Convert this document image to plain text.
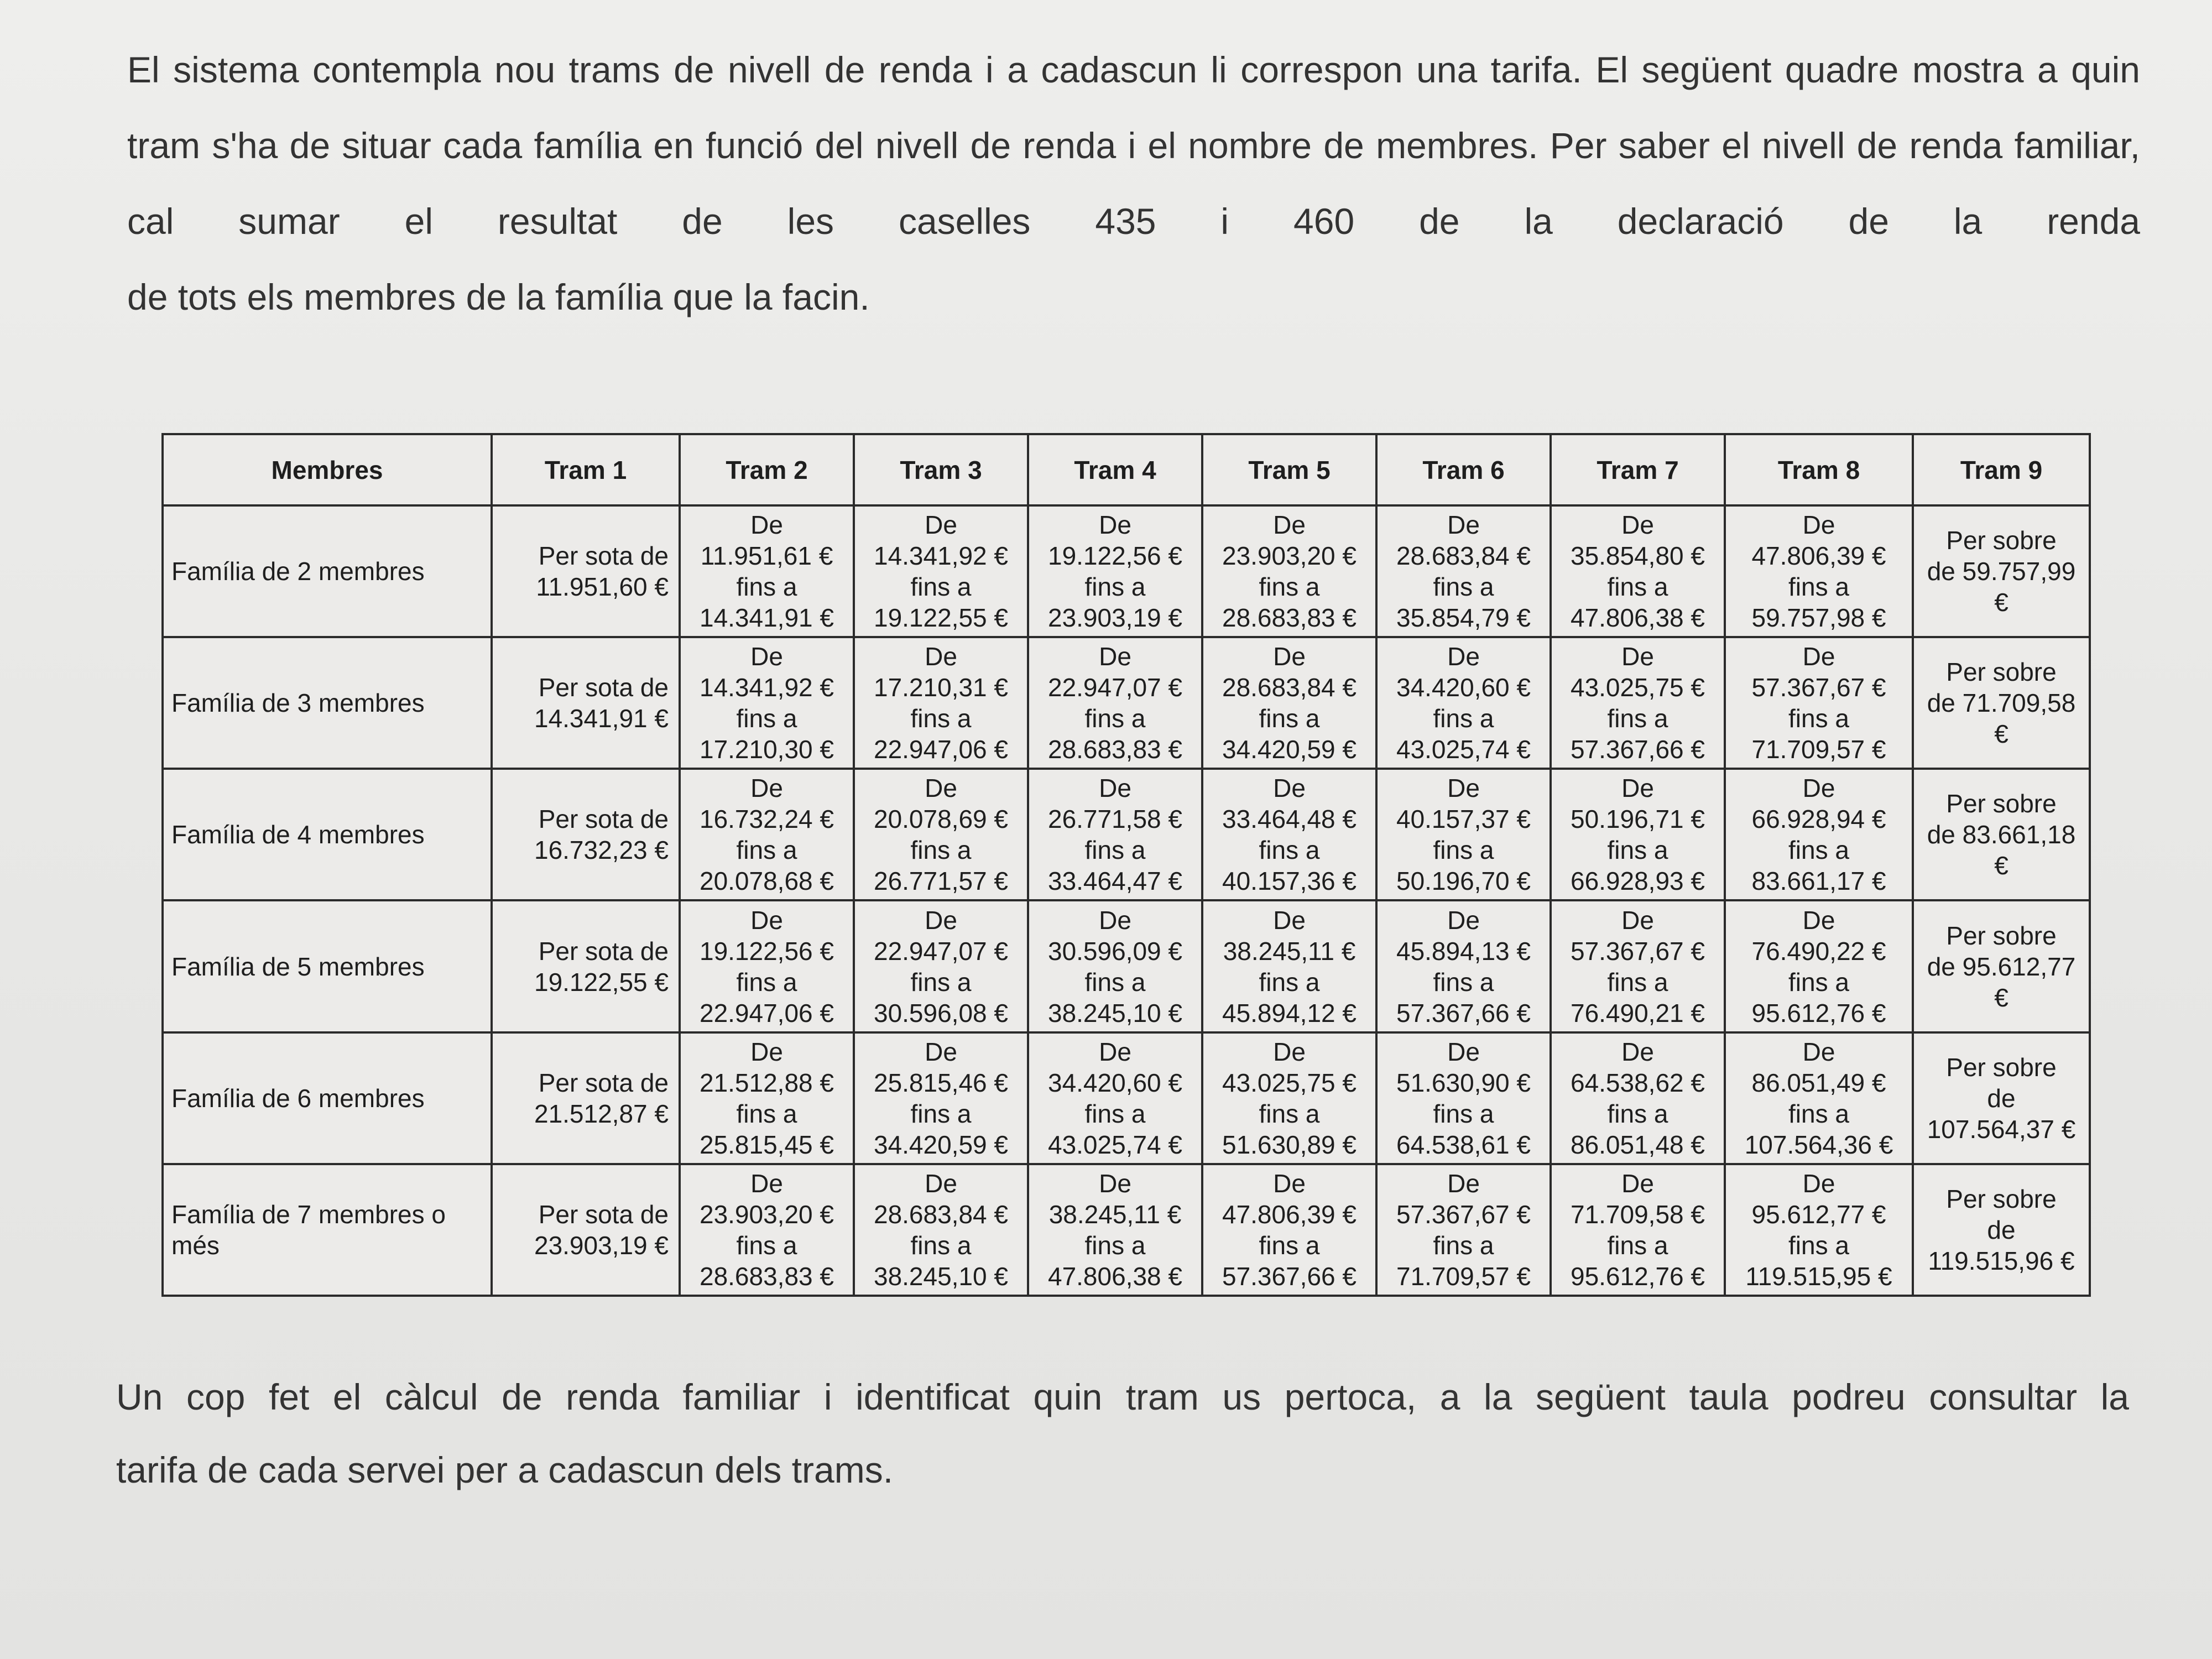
El sistema contempla nou trams de nivell de renda i a cadascun li correspon una tarifa. El següent quadre mostra a quin tram s'ha de situar cada família en funció del nivell de renda i el nombre de membres. Per saber el nivell de renda familiar, cal sumar el resultat de les caselles 435 i 460 de la declaració de la renda
de tots els membres de la família que la facin.

Membres	Tram 1	Tram 2	Tram 3	Tram 4	Tram 5	Tram 6	Tram 7	Tram 8	Tram 9
Família de 2 membres	Per sota de
11.951,60 €	De
11.951,61 €
fins a
14.341,91 €	De
14.341,92 €
fins a
19.122,55 €	De
19.122,56 €
fins a
23.903,19 €	De
23.903,20 €
fins a
28.683,83 €	De
28.683,84 €
fins a
35.854,79 €	De
35.854,80 €
fins a
47.806,38 €	De
47.806,39 €
fins a
59.757,98 €	Per sobre
de 59.757,99
€

Família de 3 membres	Per sota de
14.341,91 €	De
14.341,92 €
fins a
17.210,30 €	De
17.210,31 €
fins a
22.947,06 €	De
22.947,07 €
fins a
28.683,83 €	De
28.683,84 €
fins a
34.420,59 €	De
34.420,60 €
fins a
43.025,74 €	De
43.025,75 €
fins a
57.367,66 €	De
57.367,67 €
fins a
71.709,57 €	Per sobre
de 71.709,58
€

Família de 4 membres	Per sota de
16.732,23 €	De
16.732,24 €
fins a
20.078,68 €	De
20.078,69 €
fins a
26.771,57 €	De
26.771,58 €
fins a
33.464,47 €	De
33.464,48 €
fins a
40.157,36 €	De
40.157,37 €
fins a
50.196,70 €	De
50.196,71 €
fins a
66.928,93 €	De
66.928,94 €
fins a
83.661,17 €	Per sobre
de 83.661,18
€

Família de 5 membres	Per sota de
19.122,55 €	De
19.122,56 €
fins a
22.947,06 €	De
22.947,07 €
fins a
30.596,08 €	De
30.596,09 €
fins a
38.245,10 €	De
38.245,11 €
fins a
45.894,12 €	De
45.894,13 €
fins a
57.367,66 €	De
57.367,67 €
fins a
76.490,21 €	De
76.490,22 €
fins a
95.612,76 €	Per sobre
de 95.612,77
€

Família de 6 membres	Per sota de
21.512,87 €	De
21.512,88 €
fins a
25.815,45 €	De
25.815,46 €
fins a
34.420,59 €	De
34.420,60 €
fins a
43.025,74 €	De
43.025,75 €
fins a
51.630,89 €	De
51.630,90 €
fins a
64.538,61 €	De
64.538,62 €
fins a
86.051,48 €	De
86.051,49 €
fins a
107.564,36 €	Per sobre
de
107.564,37 €

Família de 7 membres o més	Per sota de
23.903,19 €	De
23.903,20 €
fins a
28.683,83 €	De
28.683,84 €
fins a
38.245,10 €	De
38.245,11 €
fins a
47.806,38 €	De
47.806,39 €
fins a
57.367,66 €	De
57.367,67 €
fins a
71.709,57 €	De
71.709,58 €
fins a
95.612,76 €	De
95.612,77 €
fins a
119.515,95 €	Per sobre
de
119.515,96 €

Un cop fet el càlcul de renda familiar i identificat quin tram us pertoca, a la següent taula podreu consultar la
tarifa de cada servei per a cadascun dels trams.
